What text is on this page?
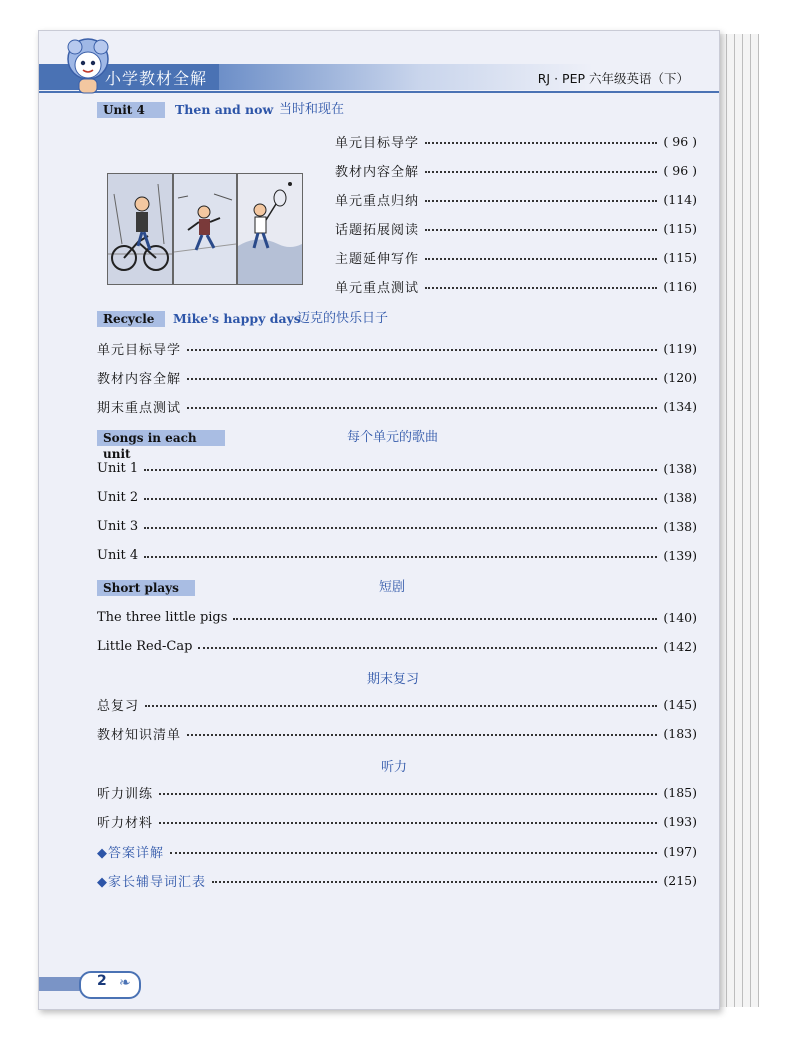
小学教材全解	RJ · PEP 六年级英语（下）
Unit 4	Then and now 当时和现在
单元目标导学	( 96 )
教材内容全解	( 96 )
单元重点归纳	(114)
话题拓展阅读	(115)
主题延伸写作	(115)
单元重点测试	(116)
Recycle	Mike's happy days
迈克的快乐日子
单元目标导学	(119)
教材内容全解	(120)
期末重点测试	(134)
Songs in each unit
每个单元的歌曲
Unit 1	(138)
Unit 2	(138)
Unit 3	(138)
Unit 4	(139)
Short plays	短剧
The three little pigs	(140)
Little Red-Cap	(142)
期末复习
总复习	(145)
教材知识清单	(183)
听力
听力训练	(185)
听力材料	(193)
◆答案详解	(197)
◆家长辅导词汇表	(215)
2 ❧
